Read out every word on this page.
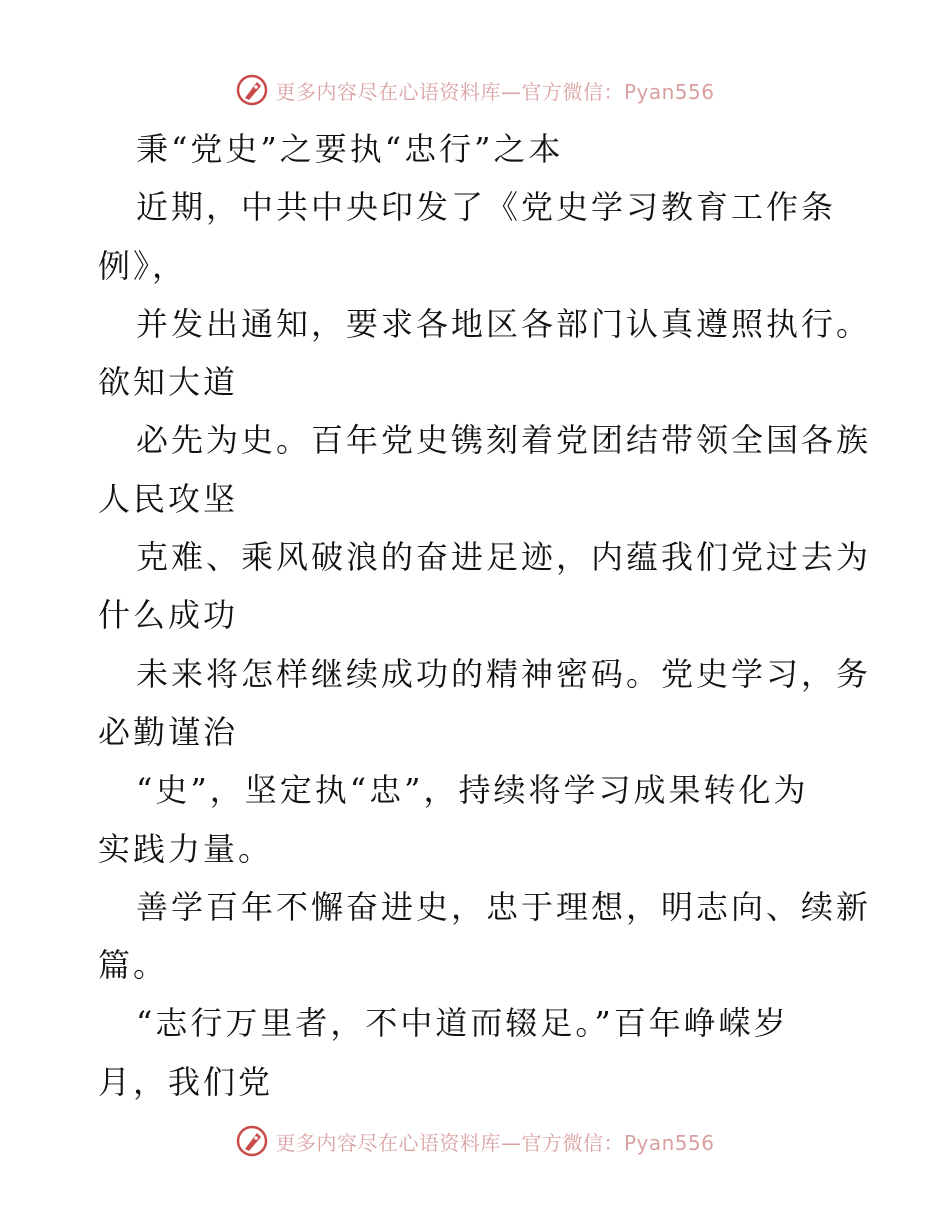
更多内容尽在心语资料库—官方微信：Pyan556
秉“党史”之要执“忠行”之本
近期，中共中央印发了《党史学习教育工作条
例》，
并发出通知，要求各地区各部门认真遵照执行。
欲知大道
必先为史。百年党史镌刻着党团结带领全国各族
人民攻坚
克难、乘风破浪的奋进足迹，内蕴我们党过去为
什么成功
未来将怎样继续成功的精神密码。党史学习，务
必勤谨治
“史”，坚定执“忠”，持续将学习成果转化为
实践力量。
善学百年不懈奋进史，忠于理想，明志向、续新
篇。
“志行万里者，不中道而辍足。”百年峥嵘岁
月，我们党
更多内容尽在心语资料库—官方微信：Pyan556
